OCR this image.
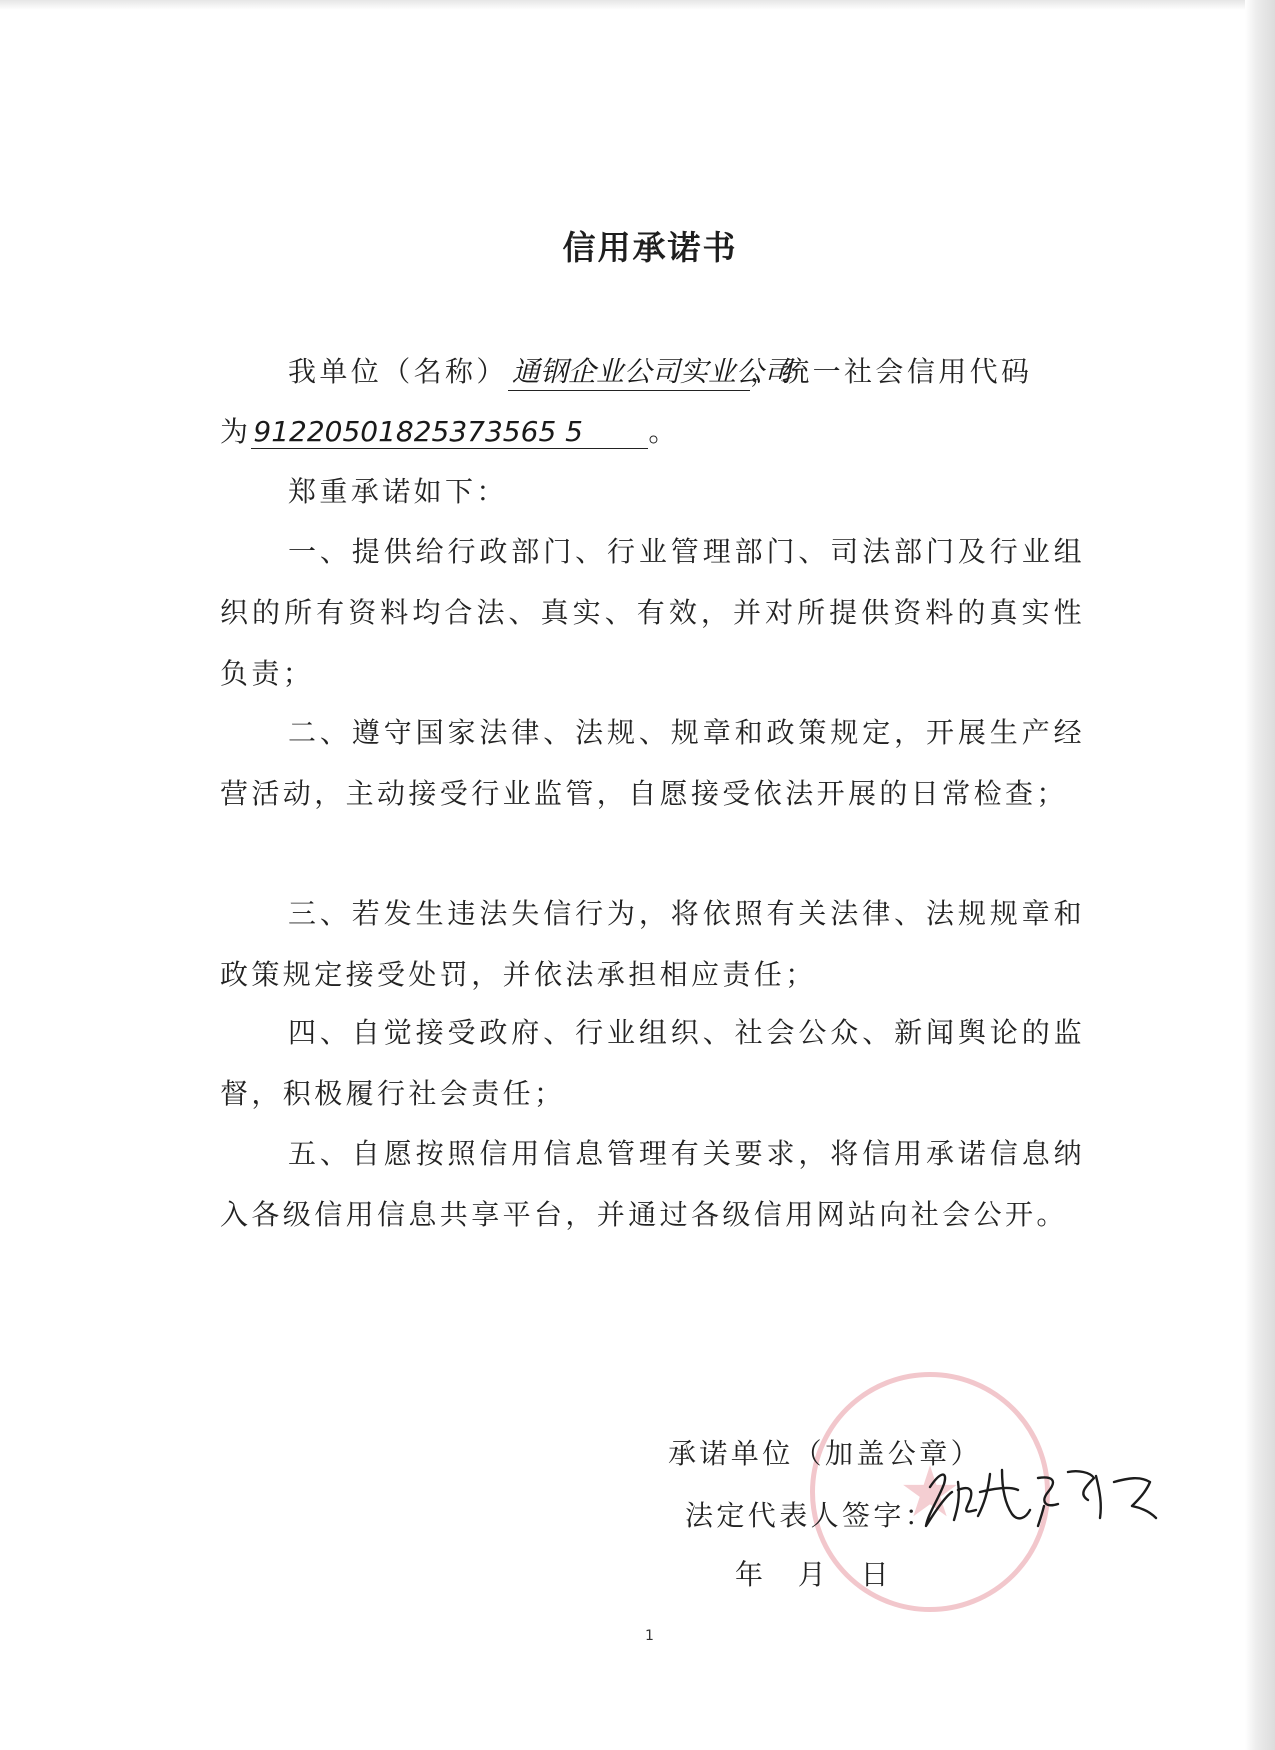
信用承诺书
我单位（名称） 通钢企业公司实业公司，统一社会信用代码
为91220501825373565 5 。
郑重承诺如下：
一、提供给行政部门、行业管理部门、司法部门及行业组织的所有资料均合法、真实、有效，并对所提供资料的真实性负责；
二、遵守国家法律、法规、规章和政策规定，开展生产经营活动，主动接受行业监管，自愿接受依法开展的日常检查；
三、若发生违法失信行为，将依照有关法律、法规规章和政策规定接受处罚，并依法承担相应责任；
四、自觉接受政府、行业组织、社会公众、新闻舆论的监督，积极履行社会责任；
五、自愿按照信用信息管理有关要求，将信用承诺信息纳入各级信用信息共享平台，并通过各级信用网站向社会公开。
★
承诺单位（加盖公章）
法定代表人签字：
年　月　日
1
